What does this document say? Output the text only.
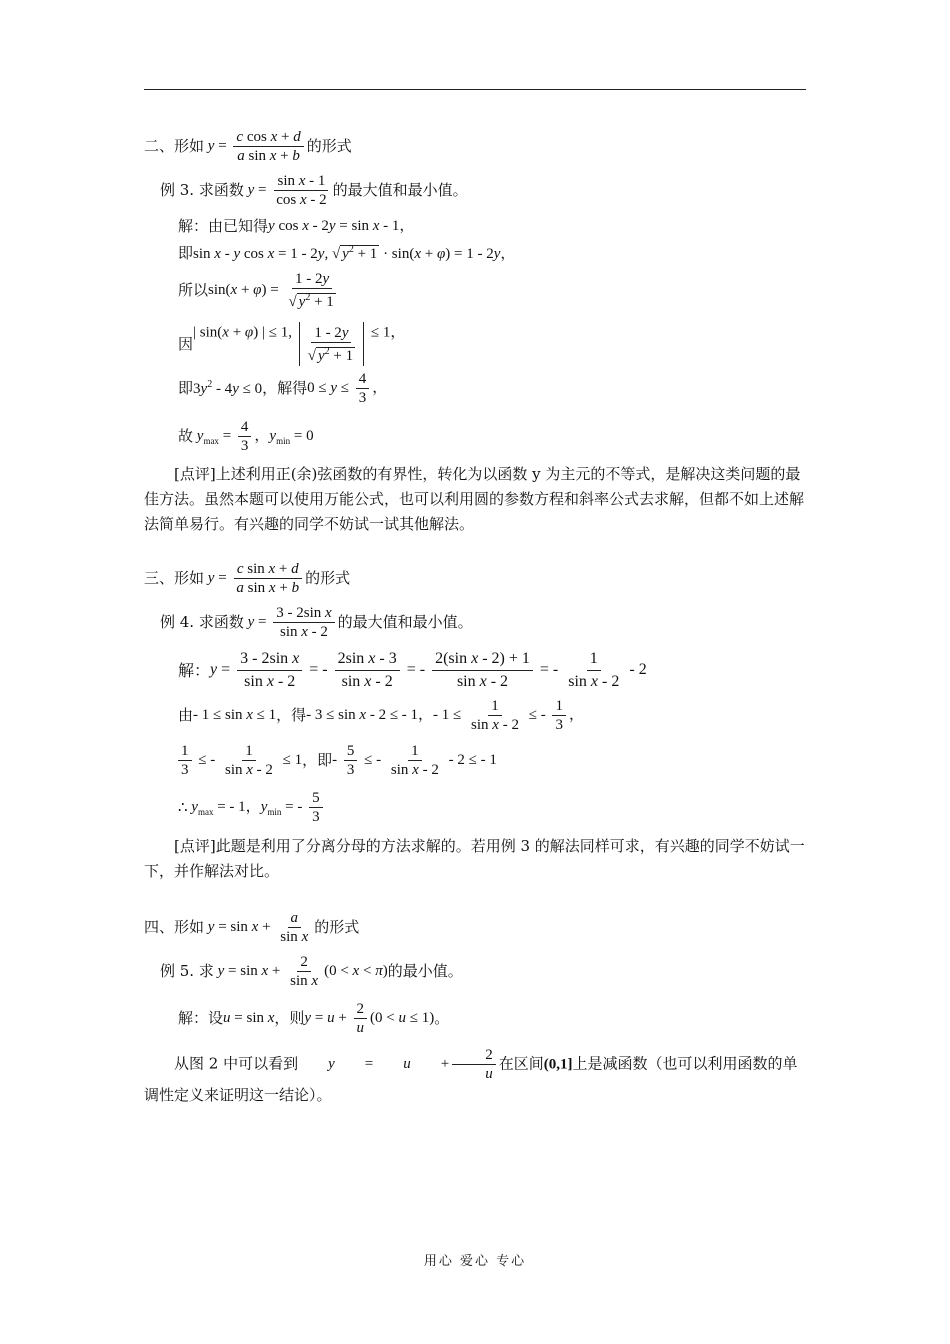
二、形如 $y = \frac{\text{c cos x + d}}{\text{a sin x + b}}$ 的形式
例 3. 求函数 $y = \frac{\text{sin x - 1}}{\text{cos x - 2}}$ 的最大值和最小值。
解：由已知得 y cos x - 2y = sin x - 1，
即 sin x - y cos x = 1 - 2y, √ $y^2 + 1 \cdot \sin(x + \varphi) = 1 - 2y$，
所以 $\sin(x + \varphi) = \frac{1 - 2y}{√ y^2 + 1}$
因
| sin(x + φ) | ≤ 1, $\frac{1 - 2y}{√ y^2 + 1} \le 1$，
即 $3y^2 - 4y \le 0$， 解得 $0 \le y \le \frac{4}{3}$ ，
故 $y_{max} = \frac{4}{3}$ ，$y_{min} = 0$
[点评]上述利用正(余)弦函数的有界性，转化为以函数 y 为主元的不等式，是解决这类问题的最佳方法。虽然本题可以使用万能公式，也可以利用圆的参数方程和斜率公式去求解，但都不如上述解法简单易行。有兴趣的同学不妨试一试其他解法。
三、形如 $y = \frac{\text{c sin x + d}}{\text{a sin x + b}}$ 的形式
例 4. 求函数 $y = \frac{\text{3 - 2sin x}}{\text{sin x - 2}}$ 的最大值和最小值。
解： $y = \frac{\text{3 - 2sin x}}{\text{sin x - 2}}$ = - $\frac{\text{2sin x - 3}}{\text{sin x - 2}}$ = - $\frac{\text{2(sin x - 2) + 1}}{\text{sin x - 2}}$ = - $\frac{1}{\text{sin x - 2}} - 2$
由 - 1 ≤ sin x ≤ 1 ，得 - 3 ≤ sin x - 2 ≤ - 1，- $1 \le \frac{1}{\text{sin x - 2}}$ ≤ - $\frac{1}{3}$ ，
$\frac{1}{3}$ ≤ - $\frac{1}{\text{sin x - 2}} \le 1$ ，即 - $\frac{5}{3}$ ≤ - $\frac{1}{\text{sin x - 2}} - 2$ ≤ - 1
∴ $y_{max}$ = - 1，$y_{min}$ = - $\frac{5}{3}$
[点评]此题是利用了分离分母的方法求解的。若用例 3 的解法同样可求，有兴趣的同学不妨试一下，并作解法对比。
四、形如 $y = \sin x + \frac{a}{\text{sin x}}$ 的形式
例 5. 求 $y = \sin x + \frac{2}{\text{sin x}} (0 < x < \pi)$ 的最小值。
解：设 u = sin x ，则 $y = u + \frac{2}{u} (0 < u \le 1)$ 。
从图 2 中可以看到	y =	$u + \frac{2}{u}$ 在区间(0,1]上是减函数（也可以利用函数的单调性定义来证明这一结论）。
用心 爱心 专心
